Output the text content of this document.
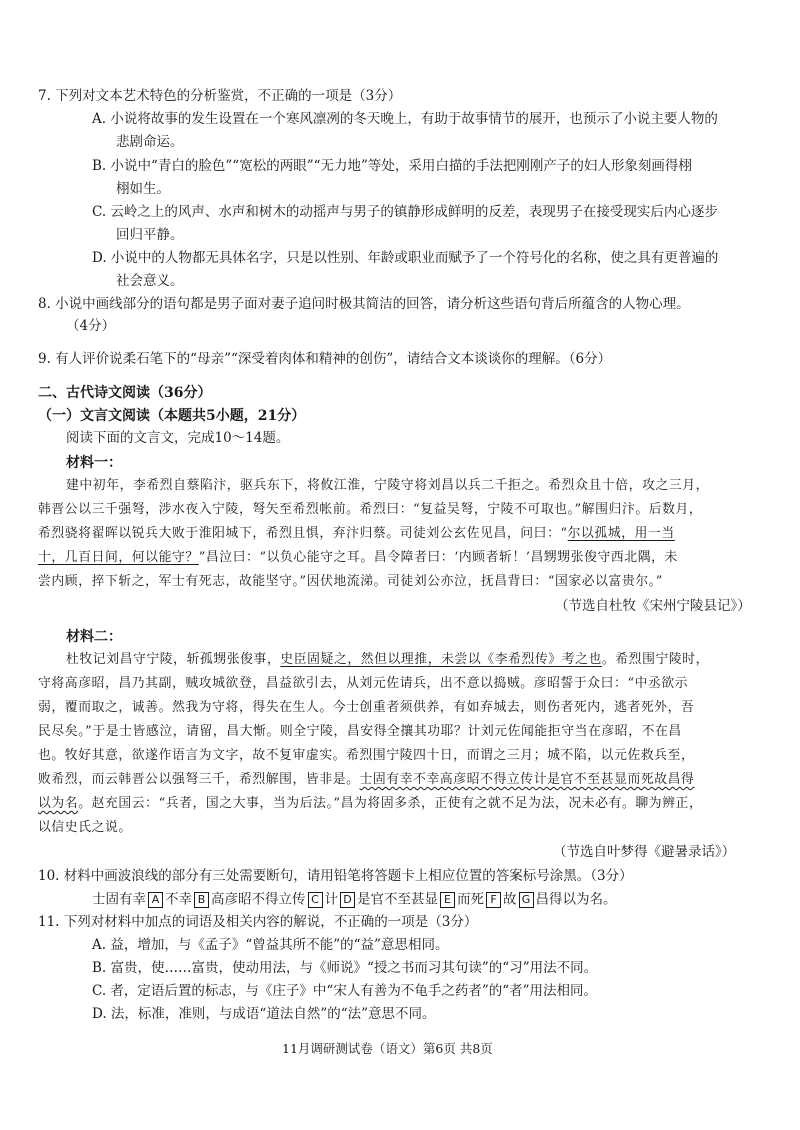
7. 下列对文本艺术特色的分析鉴赏，不正确的一项是（3分）
A. 小说将故事的发生设置在一个寒风凛冽的冬天晚上，有助于故事情节的展开，也预示了小说主要人物的
悲剧命运。
B. 小说中“青白的脸色”“宽松的两眼”“无力地”等处，采用白描的手法把刚刚产子的妇人形象刻画得栩
栩如生。
C. 云岭之上的风声、水声和树木的动摇声与男子的镇静形成鲜明的反差，表现男子在接受现实后内心逐步
回归平静。
D. 小说中的人物都无具体名字，只是以性别、年龄或职业而赋予了一个符号化的名称，使之具有更普遍的
社会意义。
8. 小说中画线部分的语句都是男子面对妻子追问时极其简洁的回答，请分析这些语句背后所蕴含的人物心理。
（4分）
9. 有人评价说柔石笔下的“母亲”“深受着肉体和精神的创伤”，请结合文本谈谈你的理解。（6分）
二、古代诗文阅读（36分）
（一）文言文阅读（本题共5小题，21分）
阅读下面的文言文，完成10～14题。
材料一：
建中初年，李希烈自蔡陷汴，驱兵东下，将攸江淮，宁陵守将刘昌以兵二千拒之。希烈众且十倍，攻之三月，
韩晋公以三千强弩，涉水夜入宁陵，弩矢至希烈帐前。希烈曰：“复益吴弩，宁陵不可取也。”解围归汴。后数月，
希烈骁将翟晖以锐兵大败于淮阳城下，希烈且惧，弃汴归蔡。司徒刘公玄佐见昌，问曰：“尔以孤城，用一当
十，几百日间，何以能守？”昌泣曰：“以负心能守之耳。昌令障者曰：‘内顾者斩！’昌甥甥张俊守西北隅，未
尝内顾，捽下斩之，军士有死志，故能坚守。”因伏地流涕。司徒刘公亦泣，抚昌背曰：“国家必以富贵尔。”
（节选自杜牧《宋州宁陵县记》）
材料二：
杜牧记刘昌守宁陵，斩孤甥张俊事，史臣固疑之，然但以理推，未尝以《李希烈传》考之也。希烈围宁陵时，
守将高彦昭，昌乃其副，贼攻城欲登，昌益欲引去，从刘元佐请兵，出不意以捣贼。彦昭誓于众曰：“中丞欲示
弱，覆而取之，诚善。然我为守将，得失在生人。今士创重者须供养，有如弃城去，则伤者死内，逃者死外，吾
民尽矣。”于是士皆感泣，请留，昌大惭。则全宁陵，昌安得全攘其功耶？计刘元佐闻能拒守当在彦昭，不在昌
也。牧好其意，欲遂作语言为文字，故不复审虚实。希烈围宁陵四十日，而谓之三月；城不陷，以元佐救兵至，
败希烈，而云韩晋公以强弩三千，希烈解围，皆非是。士固有幸不幸高彦昭不得立传计是官不至甚显而死故昌得
以为名。赵充国云：“兵者，国之大事，当为后法。”昌为将固多杀，正使有之就不足为法，况未必有。聊为辨正，
以信史氏之说。
（节选自叶梦得《避暑录话》）
10. 材料中画波浪线的部分有三处需要断句，请用铅笔将答题卡上相应位置的答案标号涂黑。（3分）
士固有幸 A 不幸 B 高彦昭不得立传 C 计 D 是官不至甚显 E 而死 F 故 G 昌得以为名。
11. 下列对材料中加点的词语及相关内容的解说，不正确的一项是（3分）
A. 益，增加，与《孟子》“曾益其所不能”的“益”意思相同。
B. 富贵，使……富贵，使动用法，与《师说》“授之书而习其句读”的“习”用法不同。
C. 者，定语后置的标志，与《庄子》中“宋人有善为不龟手之药者”的“者”用法相同。
D. 法，标准，准则，与成语“道法自然”的“法”意思不同。
11月调研测试卷（语文）第6页 共8页
